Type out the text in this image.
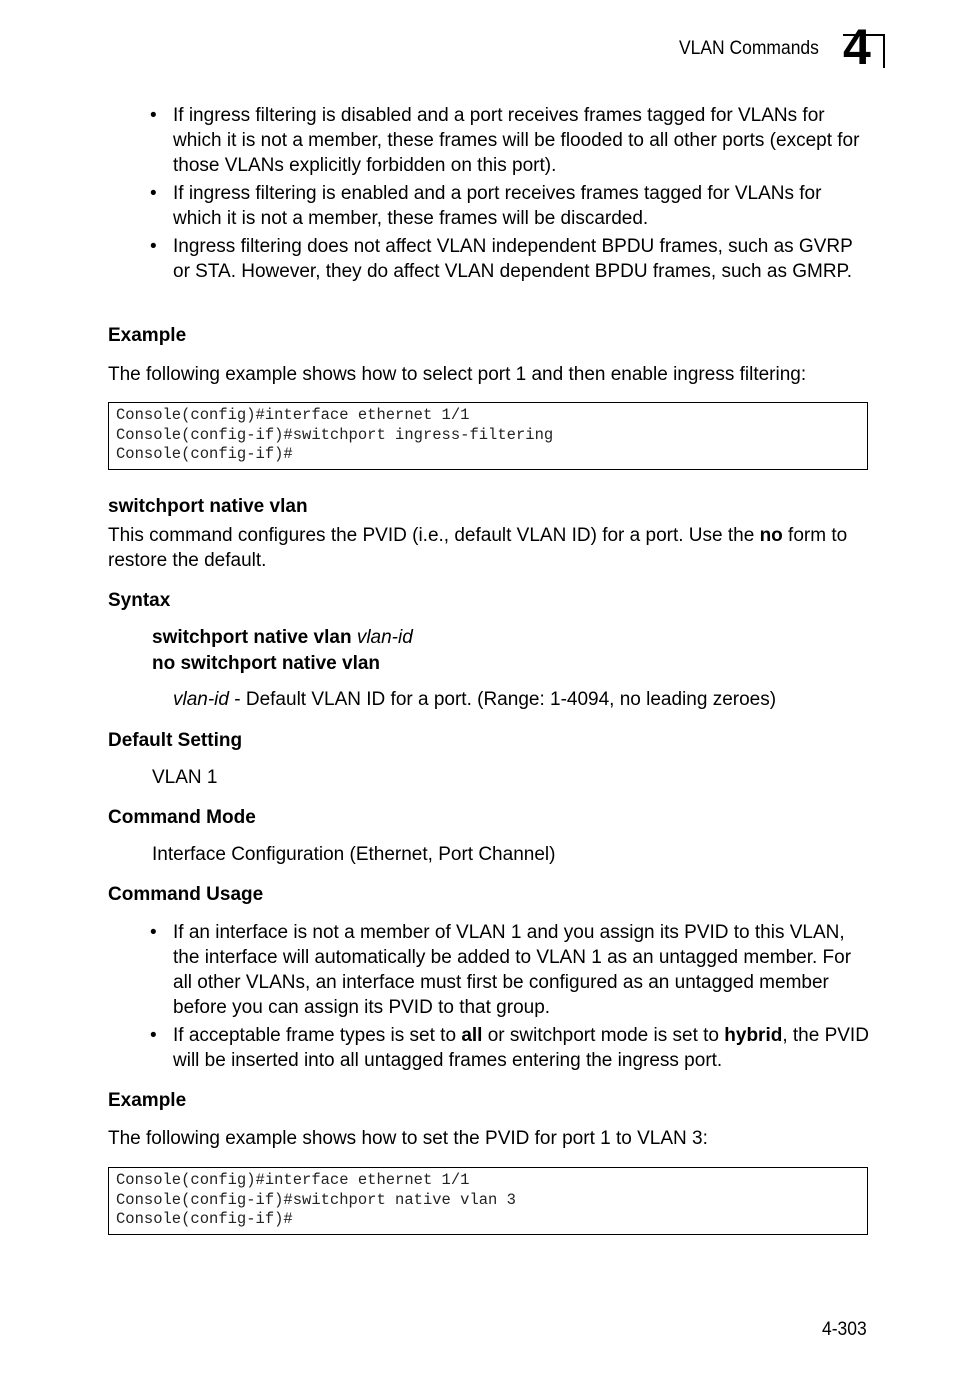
VLAN Commands 4

• If ingress filtering is disabled and a port receives frames tagged for VLANs for which it is not a member, these frames will be flooded to all other ports (except for those VLANs explicitly forbidden on this port).

• If ingress filtering is enabled and a port receives frames tagged for VLANs for which it is not a member, these frames will be discarded.

• Ingress filtering does not affect VLAN independent BPDU frames, such as GVRP or STA. However, they do affect VLAN dependent BPDU frames, such as GMRP.

Example
The following example shows how to select port 1 and then enable ingress filtering:
Console(config)#interface ethernet 1/1
Console(config-if)#switchport ingress-filtering
Console(config-if)#
switchport native vlan
This command configures the PVID (i.e., default VLAN ID) for a port. Use the no form to restore the default.
Syntax
switchport native vlan vlan-id
no switchport native vlan
vlan-id - Default VLAN ID for a port. (Range: 1-4094, no leading zeroes)
Default Setting
VLAN 1
Command Mode
Interface Configuration (Ethernet, Port Channel)
Command Usage

• If an interface is not a member of VLAN 1 and you assign its PVID to this VLAN, the interface will automatically be added to VLAN 1 as an untagged member. For all other VLANs, an interface must first be configured as an untagged member before you can assign its PVID to that group.

• If acceptable frame types is set to all or switchport mode is set to hybrid, the PVID will be inserted into all untagged frames entering the ingress port.

Example
The following example shows how to set the PVID for port 1 to VLAN 3:
Console(config)#interface ethernet 1/1
Console(config-if)#switchport native vlan 3
Console(config-if)#
4-303
